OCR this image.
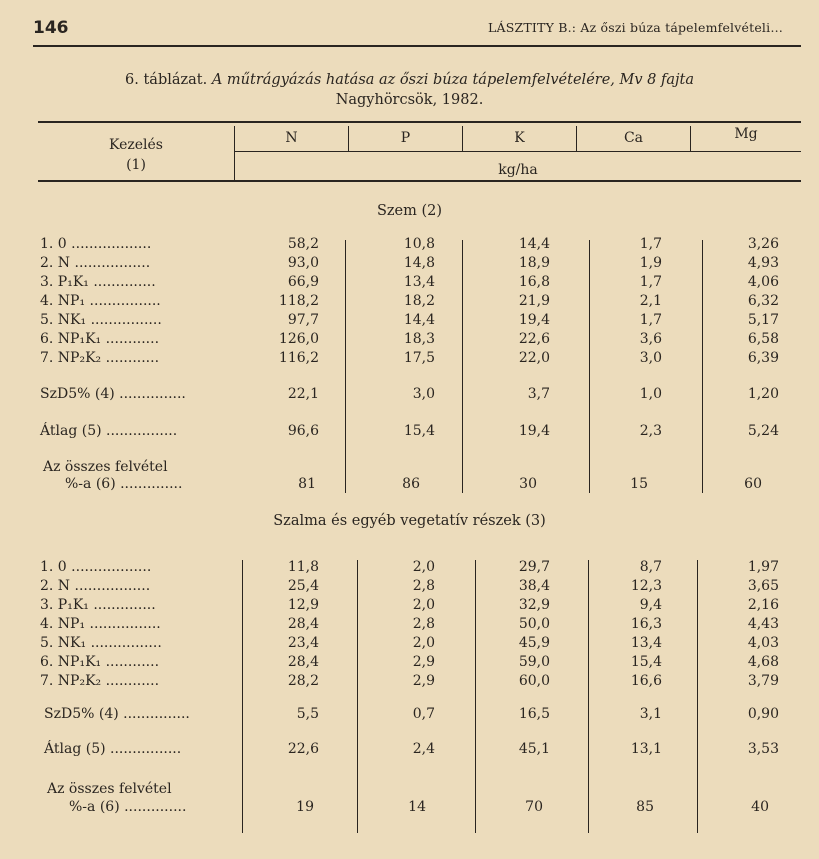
146	LÁSZTITY B.: Az őszi búza tápelemfelvételi…
6. táblázat. A műtrágyázás hatása az őszi búza tápelemfelvételére, Mv 8 fajta
Nagyhörcsök, 1982.
Kezelés
(1)
N	P	K	Ca	Mg
kg/ha
Szem (2)
1. 0 ..................	58,2	10,8	14,4	1,7	3,26
2. N .................	93,0	14,8	18,9	1,9	4,93
3. P₁K₁ ..............	66,9	13,4	16,8	1,7	4,06
4. NP₁ ................	118,2	18,2	21,9	2,1	6,32
5. NK₁ ................	97,7	14,4	19,4	1,7	5,17
6. NP₁K₁ ............	126,0	18,3	22,6	3,6	6,58
7. NP₂K₂ ............	116,2	17,5	22,0	3,0	6,39
SzD5% (4) ...............	22,1	3,0	3,7	1,0	1,20
Átlag (5) ................	96,6	15,4	19,4	2,3	5,24
Az összes felvétel
%-a (6) ..............	81	86	30	15	60
Szalma és egyéb vegetatív részek (3)
1. 0 ..................	11,8	2,0	29,7	8,7	1,97
2. N .................	25,4	2,8	38,4	12,3	3,65
3. P₁K₁ ..............	12,9	2,0	32,9	9,4	2,16
4. NP₁ ................	28,4	2,8	50,0	16,3	4,43
5. NK₁ ................	23,4	2,0	45,9	13,4	4,03
6. NP₁K₁ ............	28,4	2,9	59,0	15,4	4,68
7. NP₂K₂ ............	28,2	2,9	60,0	16,6	3,79
SzD5% (4) ...............	5,5	0,7	16,5	3,1	0,90
Átlag (5) ................	22,6	2,4	45,1	13,1	3,53
Az összes felvétel
%-a (6) ..............	19	14	70	85	40
